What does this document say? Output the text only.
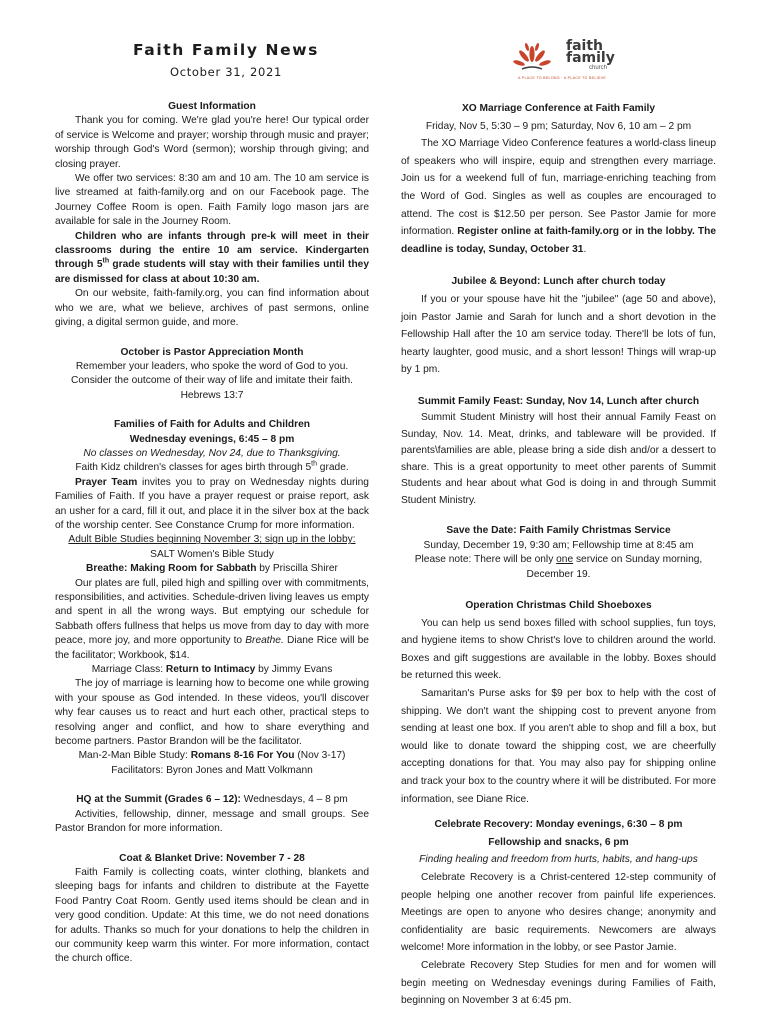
Faith Family News
October 31, 2021
faith
family
church
A PLACE TO BELONG · A PLACE TO BELIEVE

Guest Information

Thank you for coming. We're glad you're here! Our typical order of service is Welcome and prayer; worship through music and prayer; worship through God's Word (sermon); worship through giving; and closing prayer.

We offer two services: 8:30 am and 10 am. The 10 am service is live streamed at faith-family.org and on our Facebook page. The Journey Coffee Room is open. Faith Family logo mason jars are available for sale in the Journey Room.

Children who are infants through pre-k will meet in their classrooms during the entire 10 am service. Kindergarten through 5th grade students will stay with their families until they are dismissed for class at about 10:30 am.

On our website, faith-family.org, you can find information about who we are, what we believe, archives of past sermons, online giving, a digital sermon guide, and more.

October is Pastor Appreciation Month

Remember your leaders, who spoke the word of God to you. Consider the outcome of their way of life and imitate their faith.

Hebrews 13:7

Families of Faith for Adults and Children

Wednesday evenings, 6:45 – 8 pm

No classes on Wednesday, Nov 24, due to Thanksgiving.

Faith Kidz children's classes for ages birth through 5th grade.

Prayer Team invites you to pray on Wednesday nights during Families of Faith. If you have a prayer request or praise report, ask an usher for a card, fill it out, and place it in the silver box at the back of the worship center. See Constance Crump for more information.

Adult Bible Studies beginning November 3; sign up in the lobby:

SALT Women's Bible Study

Breathe: Making Room for Sabbath by Priscilla Shirer

Our plates are full, piled high and spilling over with commitments, responsibilities, and activities. Schedule-driven living leaves us empty and spent in all the wrong ways. But emptying our schedule for Sabbath offers fullness that helps us move from day to day with more peace, more joy, and more opportunity to Breathe. Diane Rice will be the facilitator; Workbook, $14.

Marriage Class: Return to Intimacy by Jimmy Evans

The joy of marriage is learning how to become one while growing with your spouse as God intended. In these videos, you'll discover why fear causes us to react and hurt each other, practical steps to resolving anger and conflict, and how to share everything and become partners. Pastor Brandon will be the facilitator.

Man-2-Man Bible Study: Romans 8-16 For You (Nov 3-17)

Facilitators: Byron Jones and Matt Volkmann

HQ at the Summit (Grades 6 – 12): Wednesdays, 4 – 8 pm

Activities, fellowship, dinner, message and small groups. See Pastor Brandon for more information.

Coat & Blanket Drive: November 7 - 28

Faith Family is collecting coats, winter clothing, blankets and sleeping bags for infants and children to distribute at the Fayette Food Pantry Coat Room. Gently used items should be clean and in very good condition. Update: At this time, we do not need donations for adults. Thanks so much for your donations to help the children in our community keep warm this winter. For more information, contact the church office.

XO Marriage Conference at Faith Family

Friday, Nov 5, 5:30 – 9 pm; Saturday, Nov 6, 10 am – 2 pm

The XO Marriage Video Conference features a world-class lineup of speakers who will inspire, equip and strengthen every marriage. Join us for a weekend full of fun, marriage-enriching teaching from the Word of God. Singles as well as couples are encouraged to attend. The cost is $12.50 per person. See Pastor Jamie for more information. Register online at faith-family.org or in the lobby. The deadline is today, Sunday, October 31.

Jubilee & Beyond: Lunch after church today

If you or your spouse have hit the "jubilee" (age 50 and above), join Pastor Jamie and Sarah for lunch and a short devotion in the Fellowship Hall after the 10 am service today. There'll be lots of fun, hearty laughter, good music, and a short lesson! Things will wrap-up by 1 pm.

Summit Family Feast: Sunday, Nov 14, Lunch after church

Summit Student Ministry will host their annual Family Feast on Sunday, Nov. 14. Meat, drinks, and tableware will be provided. If parents\families are able, please bring a side dish and/or a dessert to share. This is a great opportunity to meet other parents of Summit Students and hear about what God is doing in and through Summit Student Ministry.

Save the Date: Faith Family Christmas Service

Sunday, December 19, 9:30 am; Fellowship time at 8:45 am

Please note: There will be only one service on Sunday morning,

December 19.

Operation Christmas Child Shoeboxes

You can help us send boxes filled with school supplies, fun toys, and hygiene items to show Christ's love to children around the world. Boxes and gift suggestions are available in the lobby. Boxes should be returned this week.

Samaritan's Purse asks for $9 per box to help with the cost of shipping. We don't want the shipping cost to prevent anyone from sending at least one box. If you aren't able to shop and fill a box, but would like to donate toward the shipping cost, we are cheerfully accepting donations for that. You may also pay for shipping online and track your box to the country where it will be distributed. For more information, see Diane Rice.

Celebrate Recovery: Monday evenings, 6:30 – 8 pm

Fellowship and snacks, 6 pm

Finding healing and freedom from hurts, habits, and hang-ups

Celebrate Recovery is a Christ-centered 12-step community of people helping one another recover from painful life experiences. Meetings are open to anyone who desires change; anonymity and confidentiality are basic requirements. Newcomers are always welcome! More information in the lobby, or see Pastor Jamie.

Celebrate Recovery Step Studies for men and for women will begin meeting on Wednesday evenings during Families of Faith, beginning on November 3 at 6:45 pm.
